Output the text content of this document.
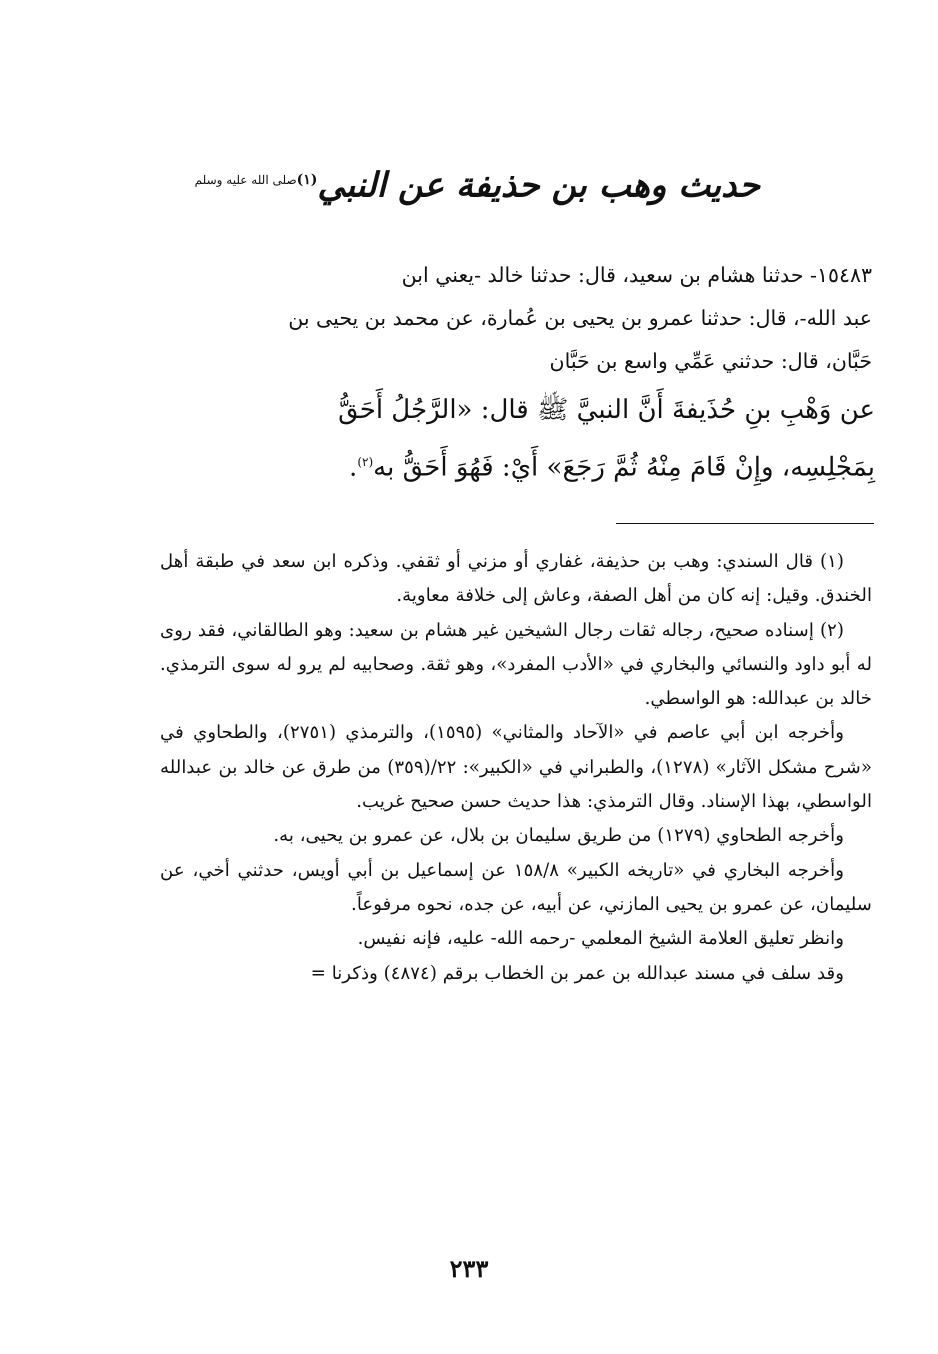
حديث وهب بن حذيفة عن النبي$^{(١)صلى الله عليه وسلم}$

١٥٤٨٣- حدثنا هشام بن سعيد، قال: حدثنا خالد -يعني ابن

عبد الله-، قال: حدثنا عمرو بن يحيى بن عُمارة، عن محمد بن يحيى بن

حَبَّان، قال: حدثني عَمِّي واسع بن حَبَّان

عن وَهْبِ بنِ حُذَيفةَ أَنَّ النبيَّ ﷺ قال: «الرَّجُلُ أَحَقُّ

بِمَجْلِسِه، وإِنْ قَامَ مِنْهُ ثُمَّ رَجَعَ» أَيْ: فَهُوَ أَحَقُّ به$^{(٢)}$.

(١) قال السندي: وهب بن حذيفة، غفاري أو مزني أو ثقفي. وذكره ابن سعد في طبقة أهل الخندق. وقيل: إنه كان من أهل الصفة، وعاش إلى خلافة معاوية.

(٢) إسناده صحيح، رجاله ثقات رجال الشيخين غير هشام بن سعيد: وهو الطالقاني، فقد روى له أبو داود والنسائي والبخاري في «الأدب المفرد»، وهو ثقة. وصحابيه لم يرو له سوى الترمذي. خالد بن عبدالله: هو الواسطي.

وأخرجه ابن أبي عاصم في «الآحاد والمثاني» (١٥٩٥)، والترمذي (٢٧٥١)، والطحاوي في «شرح مشكل الآثار» (١٢٧٨)، والطبراني في «الكبير»: ٢٢/(٣٥٩) من طرق عن خالد بن عبدالله الواسطي، بهذا الإسناد. وقال الترمذي: هذا حديث حسن صحيح غريب.

وأخرجه الطحاوي (١٢٧٩) من طريق سليمان بن بلال، عن عمرو بن يحيى، به.

وأخرجه البخاري في «تاريخه الكبير» ١٥٨/٨ عن إسماعيل بن أبي أويس، حدثني أخي، عن سليمان، عن عمرو بن يحيى المازني، عن أبيه، عن جده، نحوه مرفوعاً.

وانظر تعليق العلامة الشيخ المعلمي -رحمه الله- عليه، فإنه نفيس.

وقد سلف في مسند عبدالله بن عمر بن الخطاب برقم (٤٨٧٤) وذكرنا =

٢٣٣
